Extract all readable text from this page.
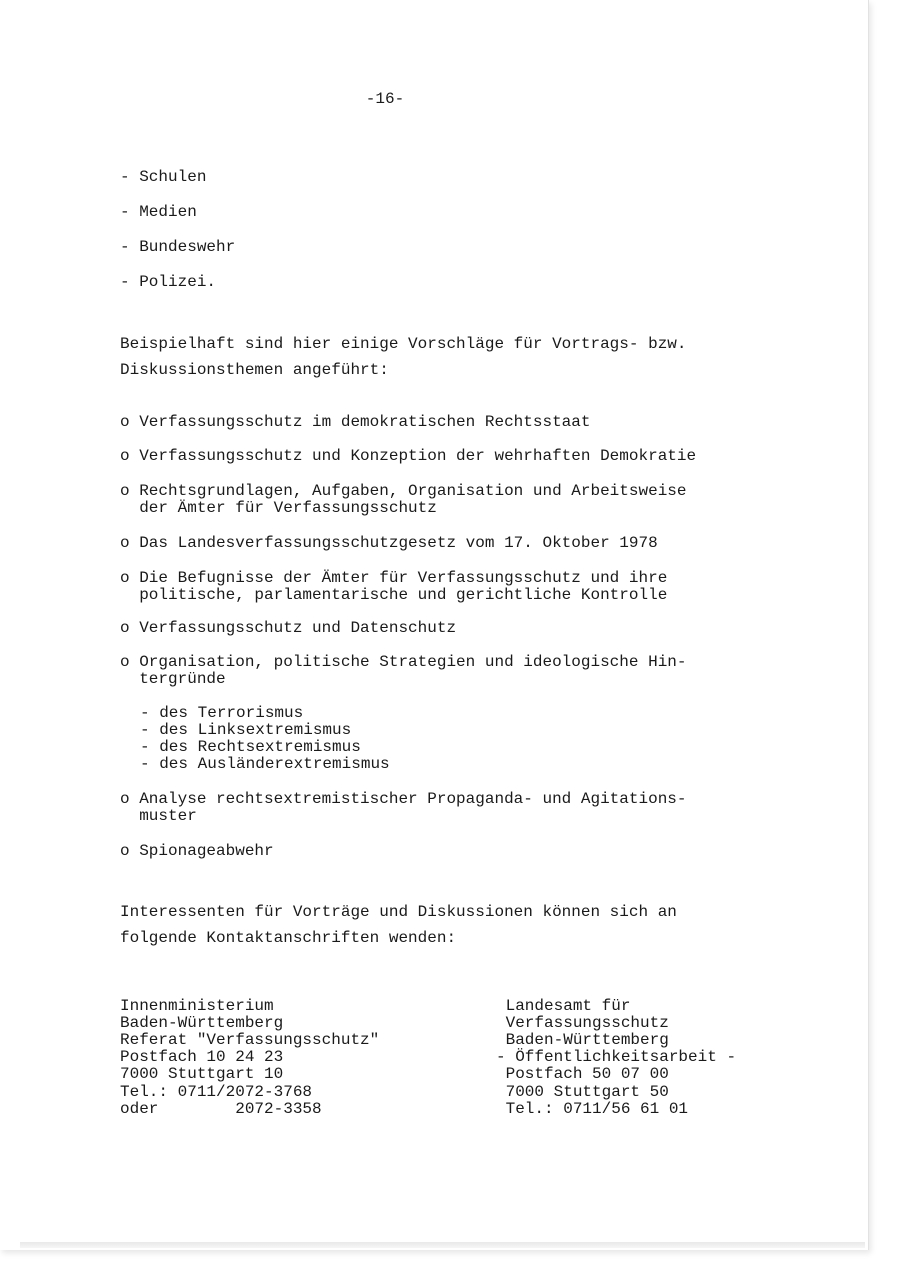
-16-
- Schulen
- Medien
- Bundeswehr
- Polizei.
Beispielhaft sind hier einige Vorschläge für Vortrags- bzw.
Diskussionsthemen angeführt:
o Verfassungsschutz im demokratischen Rechtsstaat
o Verfassungsschutz und Konzeption der wehrhaften Demokratie
o Rechtsgrundlagen, Aufgaben, Organisation und Arbeitsweise
der Ämter für Verfassungsschutz
o Das Landesverfassungsschutzgesetz vom 17. Oktober 1978
o Die Befugnisse der Ämter für Verfassungsschutz und ihre
politische, parlamentarische und gerichtliche Kontrolle
o Verfassungsschutz und Datenschutz
o Organisation, politische Strategien und ideologische Hin-
tergründe
- des Terrorismus
- des Linksextremismus
- des Rechtsextremismus
- des Ausländerextremismus
o Analyse rechtsextremistischer Propaganda- und Agitations-
muster
o Spionageabwehr
Interessenten für Vorträge und Diskussionen können sich an
folgende Kontaktanschriften wenden:
Innenministerium
Baden-Württemberg
Referat "Verfassungsschutz"
Postfach 10 24 23
7000 Stuttgart 10
Tel.: 0711/2072-3768
oder        2072-3358
Landesamt für
Verfassungsschutz
Baden-Württemberg
- Öffentlichkeitsarbeit -
Postfach 50 07 00
7000 Stuttgart 50
Tel.: 0711/56 61 01
